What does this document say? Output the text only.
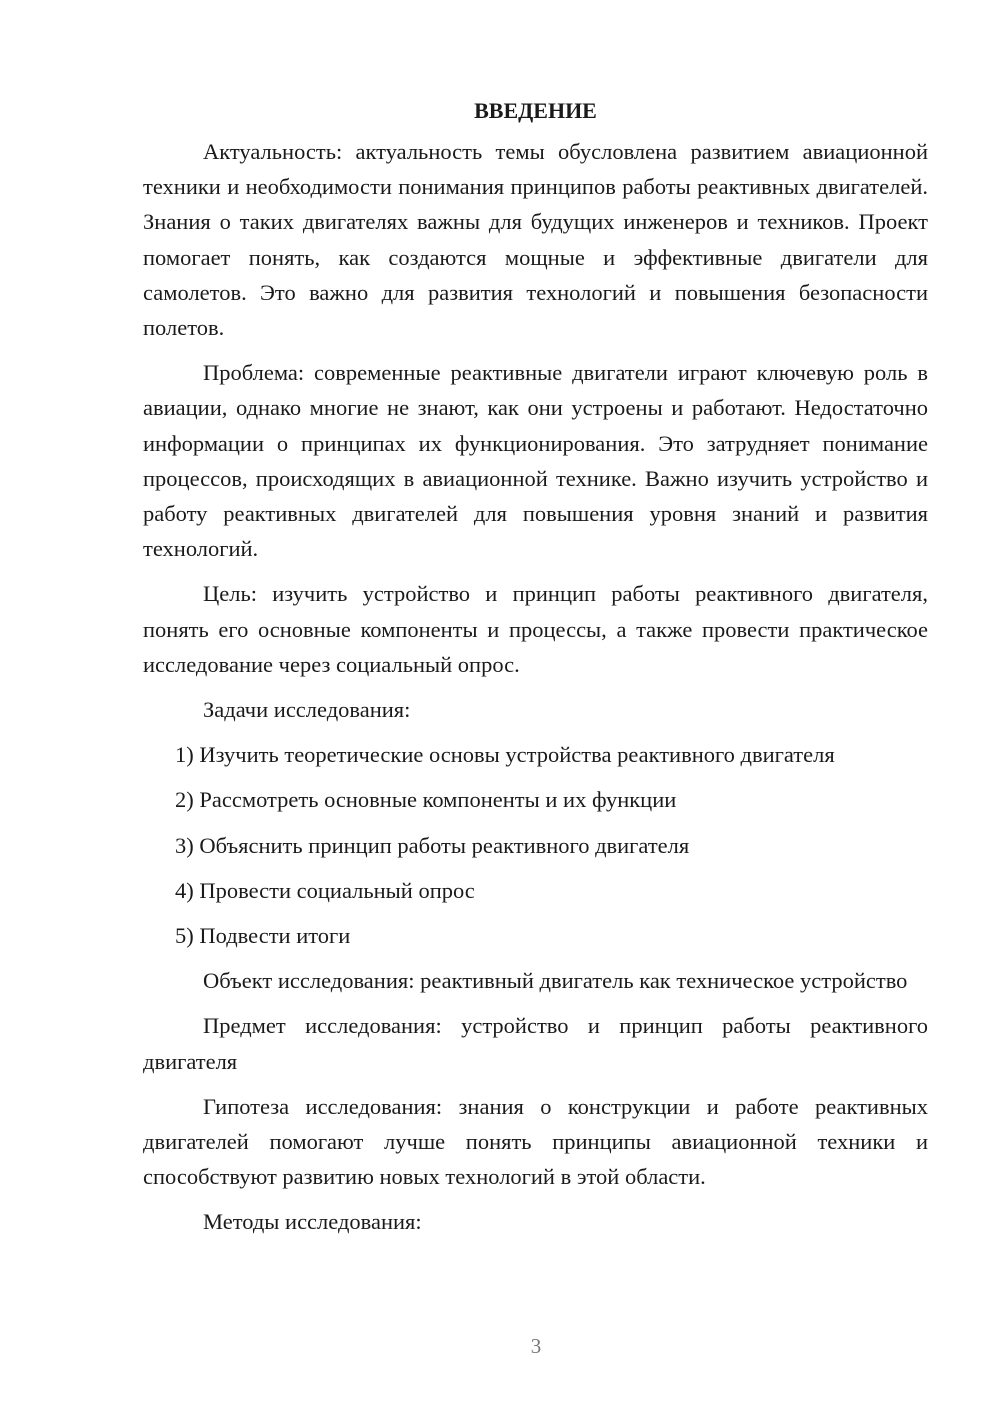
ВВЕДЕНИЕ

Актуальность: актуальность темы обусловлена развитием авиационной техники и необходимости понимания принципов работы реактивных двигателей. Знания о таких двигателях важны для будущих инженеров и техников. Проект помогает понять, как создаются мощные и эффективные двигатели для самолетов. Это важно для развития технологий и повышения безопасности полетов.

Проблема: современные реактивные двигатели играют ключевую роль в авиации, однако многие не знают, как они устроены и работают. Недостаточно информации о принципах их функционирования. Это затрудняет понимание процессов, происходящих в авиационной технике. Важно изучить устройство и работу реактивных двигателей для повышения уровня знаний и развития технологий.

Цель: изучить устройство и принцип работы реактивного двигателя, понять его основные компоненты и процессы, а также провести практическое исследование через социальный опрос.

Задачи исследования:

1) Изучить теоретические основы устройства реактивного двигателя

2) Рассмотреть основные компоненты и их функции

3) Объяснить принцип работы реактивного двигателя

4) Провести социальный опрос

5) Подвести итоги

Объект исследования: реактивный двигатель как техническое устройство

Предмет исследования: устройство и принцип работы реактивного двигателя

Гипотеза исследования: знания о конструкции и работе реактивных двигателей помогают лучше понять принципы авиационной техники и способствуют развитию новых технологий в этой области.

Методы исследования:

3
